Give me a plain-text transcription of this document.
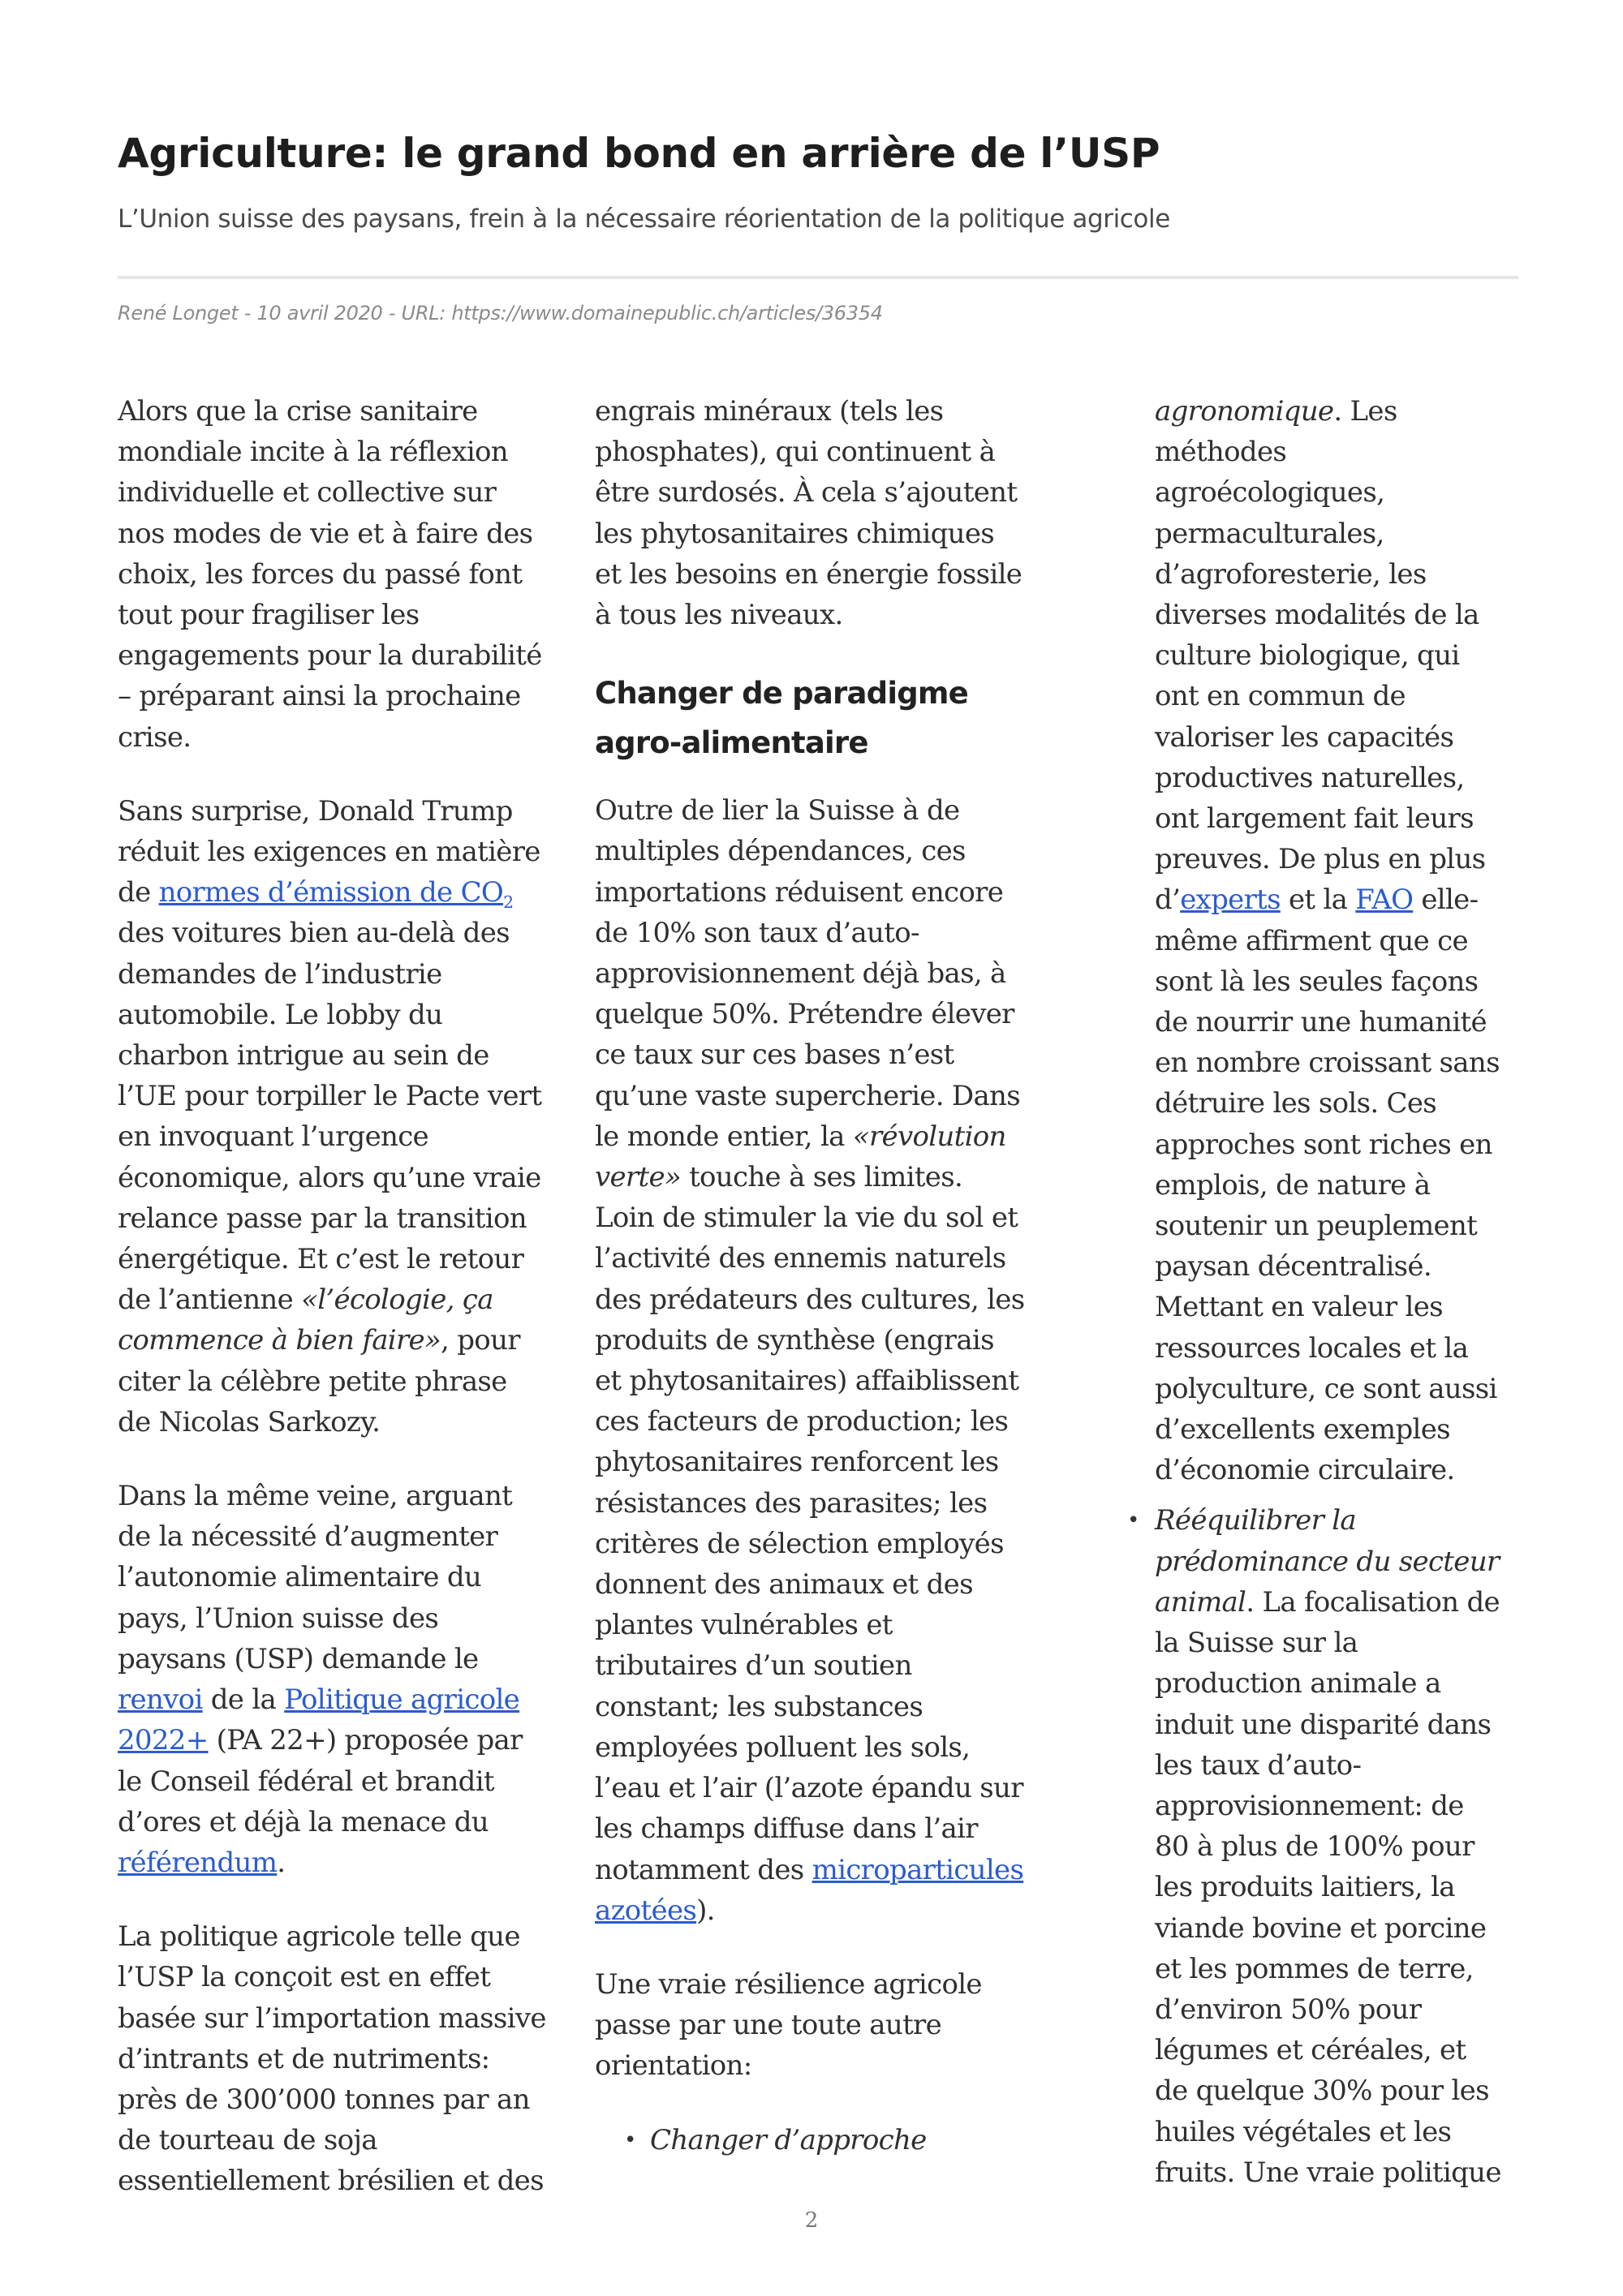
Agriculture: le grand bond en arrière de l’USP
L’Union suisse des paysans, frein à la nécessaire réorientation de la politique agricole
René Longet - 10 avril 2020 - URL: https://www.domainepublic.ch/articles/36354

Alors que la crise sanitaire
mondiale incite à la réflexion
individuelle et collective sur
nos modes de vie et à faire des
choix, les forces du passé font
tout pour fragiliser les
engagements pour la durabilité
– préparant ainsi la prochaine
crise.

Sans surprise, Donald Trump
réduit les exigences en matière
de normes d’émission de $CO_2$
des voitures bien au-delà des
demandes de l’industrie
automobile. Le lobby du
charbon intrigue au sein de
l’UE pour torpiller le Pacte vert
en invoquant l’urgence
économique, alors qu’une vraie
relance passe par la transition
énergétique. Et c’est le retour
de l’antienne «l’écologie, ça
commence à bien faire», pour
citer la célèbre petite phrase
de Nicolas Sarkozy.

Dans la même veine, arguant
de la nécessité d’augmenter
l’autonomie alimentaire du
pays, l’Union suisse des
paysans (USP) demande le
renvoi de la Politique agricole
2022+ (PA 22+) proposée par
le Conseil fédéral et brandit
d’ores et déjà la menace du
référendum.

La politique agricole telle que
l’USP la conçoit est en effet
basée sur l’importation massive
d’intrants et de nutriments:
près de 300’000 tonnes par an
de tourteau de soja
essentiellement brésilien et des

engrais minéraux (tels les
phosphates), qui continuent à
être surdosés. À cela s’ajoutent
les phytosanitaires chimiques
et les besoins en énergie fossile
à tous les niveaux.

Changer de paradigme
agro-alimentaire

Outre de lier la Suisse à de
multiples dépendances, ces
importations réduisent encore
de 10% son taux d’auto-
approvisionnement déjà bas, à
quelque 50%. Prétendre élever
ce taux sur ces bases n’est
qu’une vaste supercherie. Dans
le monde entier, la «révolution
verte» touche à ses limites.
Loin de stimuler la vie du sol et
l’activité des ennemis naturels
des prédateurs des cultures, les
produits de synthèse (engrais
et phytosanitaires) affaiblissent
ces facteurs de production; les
phytosanitaires renforcent les
résistances des parasites; les
critères de sélection employés
donnent des animaux et des
plantes vulnérables et
tributaires d’un soutien
constant; les substances
employées polluent les sols,
l’eau et l’air (l’azote épandu sur
les champs diffuse dans l’air
notamment des microparticules
azotées).

Une vraie résilience agricole
passe par une toute autre
orientation:

• Changer d’approche
agronomique. Les
méthodes
agroécologiques,
permaculturales,
d’agroforesterie, les
diverses modalités de la
culture biologique, qui
ont en commun de
valoriser les capacités
productives naturelles,
ont largement fait leurs
preuves. De plus en plus
d’experts et la FAO elle-
même affirment que ce
sont là les seules façons
de nourrir une humanité
en nombre croissant sans
détruire les sols. Ces
approches sont riches en
emplois, de nature à
soutenir un peuplement
paysan décentralisé.
Mettant en valeur les
ressources locales et la
polyculture, ce sont aussi
d’excellents exemples
d’économie circulaire.
• Rééquilibrer la
prédominance du secteur
animal. La focalisation de
la Suisse sur la
production animale a
induit une disparité dans
les taux d’auto-
approvisionnement: de
80 à plus de 100% pour
les produits laitiers, la
viande bovine et porcine
et les pommes de terre,
d’environ 50% pour
légumes et céréales, et
de quelque 30% pour les
huiles végétales et les
fruits. Une vraie politique
2
